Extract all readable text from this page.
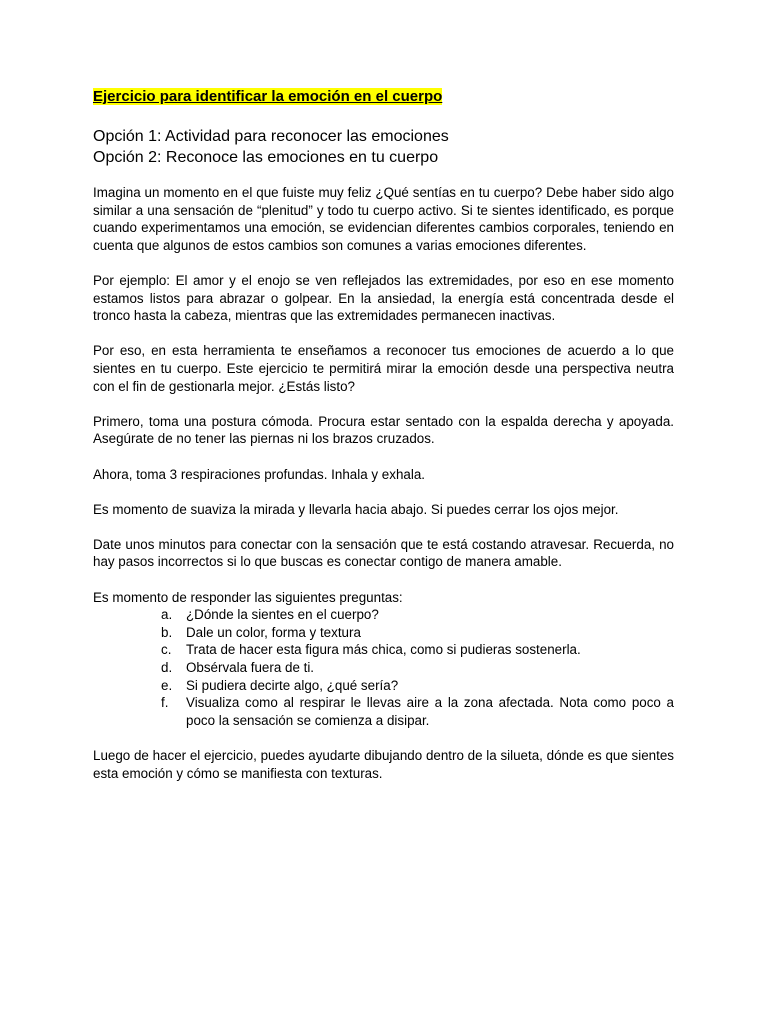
Ejercicio para identificar la emoción en el cuerpo
Opción 1: Actividad para reconocer las emociones
Opción 2: Reconoce las emociones en tu cuerpo

Imagina un momento en el que fuiste muy feliz ¿Qué sentías en tu cuerpo? Debe haber sido algo similar a una sensación de “plenitud” y todo tu cuerpo activo. Si te sientes identificado, es porque cuando experimentamos una emoción, se evidencian diferentes cambios corporales, teniendo en cuenta que algunos de estos cambios son comunes a varias emociones diferentes.

Por ejemplo: El amor y el enojo se ven reflejados las extremidades, por eso en ese momento estamos listos para abrazar o golpear. En la ansiedad, la energía está concentrada desde el tronco hasta la cabeza, mientras que las extremidades permanecen inactivas.

Por eso, en esta herramienta te enseñamos a reconocer tus emociones de acuerdo a lo que sientes en tu cuerpo. Este ejercicio te permitirá mirar la emoción desde una perspectiva neutra con el fin de gestionarla mejor. ¿Estás listo?

Primero, toma una postura cómoda. Procura estar sentado con la espalda derecha y apoyada. Asegúrate de no tener las piernas ni los brazos cruzados.

Ahora, toma 3 respiraciones profundas. Inhala y exhala.

Es momento de suaviza la mirada y llevarla hacia abajo. Si puedes cerrar los ojos mejor.

Date unos minutos para conectar con la sensación que te está costando atravesar. Recuerda, no hay pasos incorrectos si lo que buscas es conectar contigo de manera amable.

Es momento de responder las siguientes preguntas:

a. ¿Dónde la sientes en el cuerpo?
b. Dale un color, forma y textura
c. Trata de hacer esta figura más chica, como si pudieras sostenerla.
d. Obsérvala fuera de ti.
e. Si pudiera decirte algo, ¿qué sería?
f. Visualiza como al respirar le llevas aire a la zona afectada. Nota como poco a poco la sensación se comienza a disipar.

Luego de hacer el ejercicio, puedes ayudarte dibujando dentro de la silueta, dónde es que sientes esta emoción y cómo se manifiesta con texturas.
